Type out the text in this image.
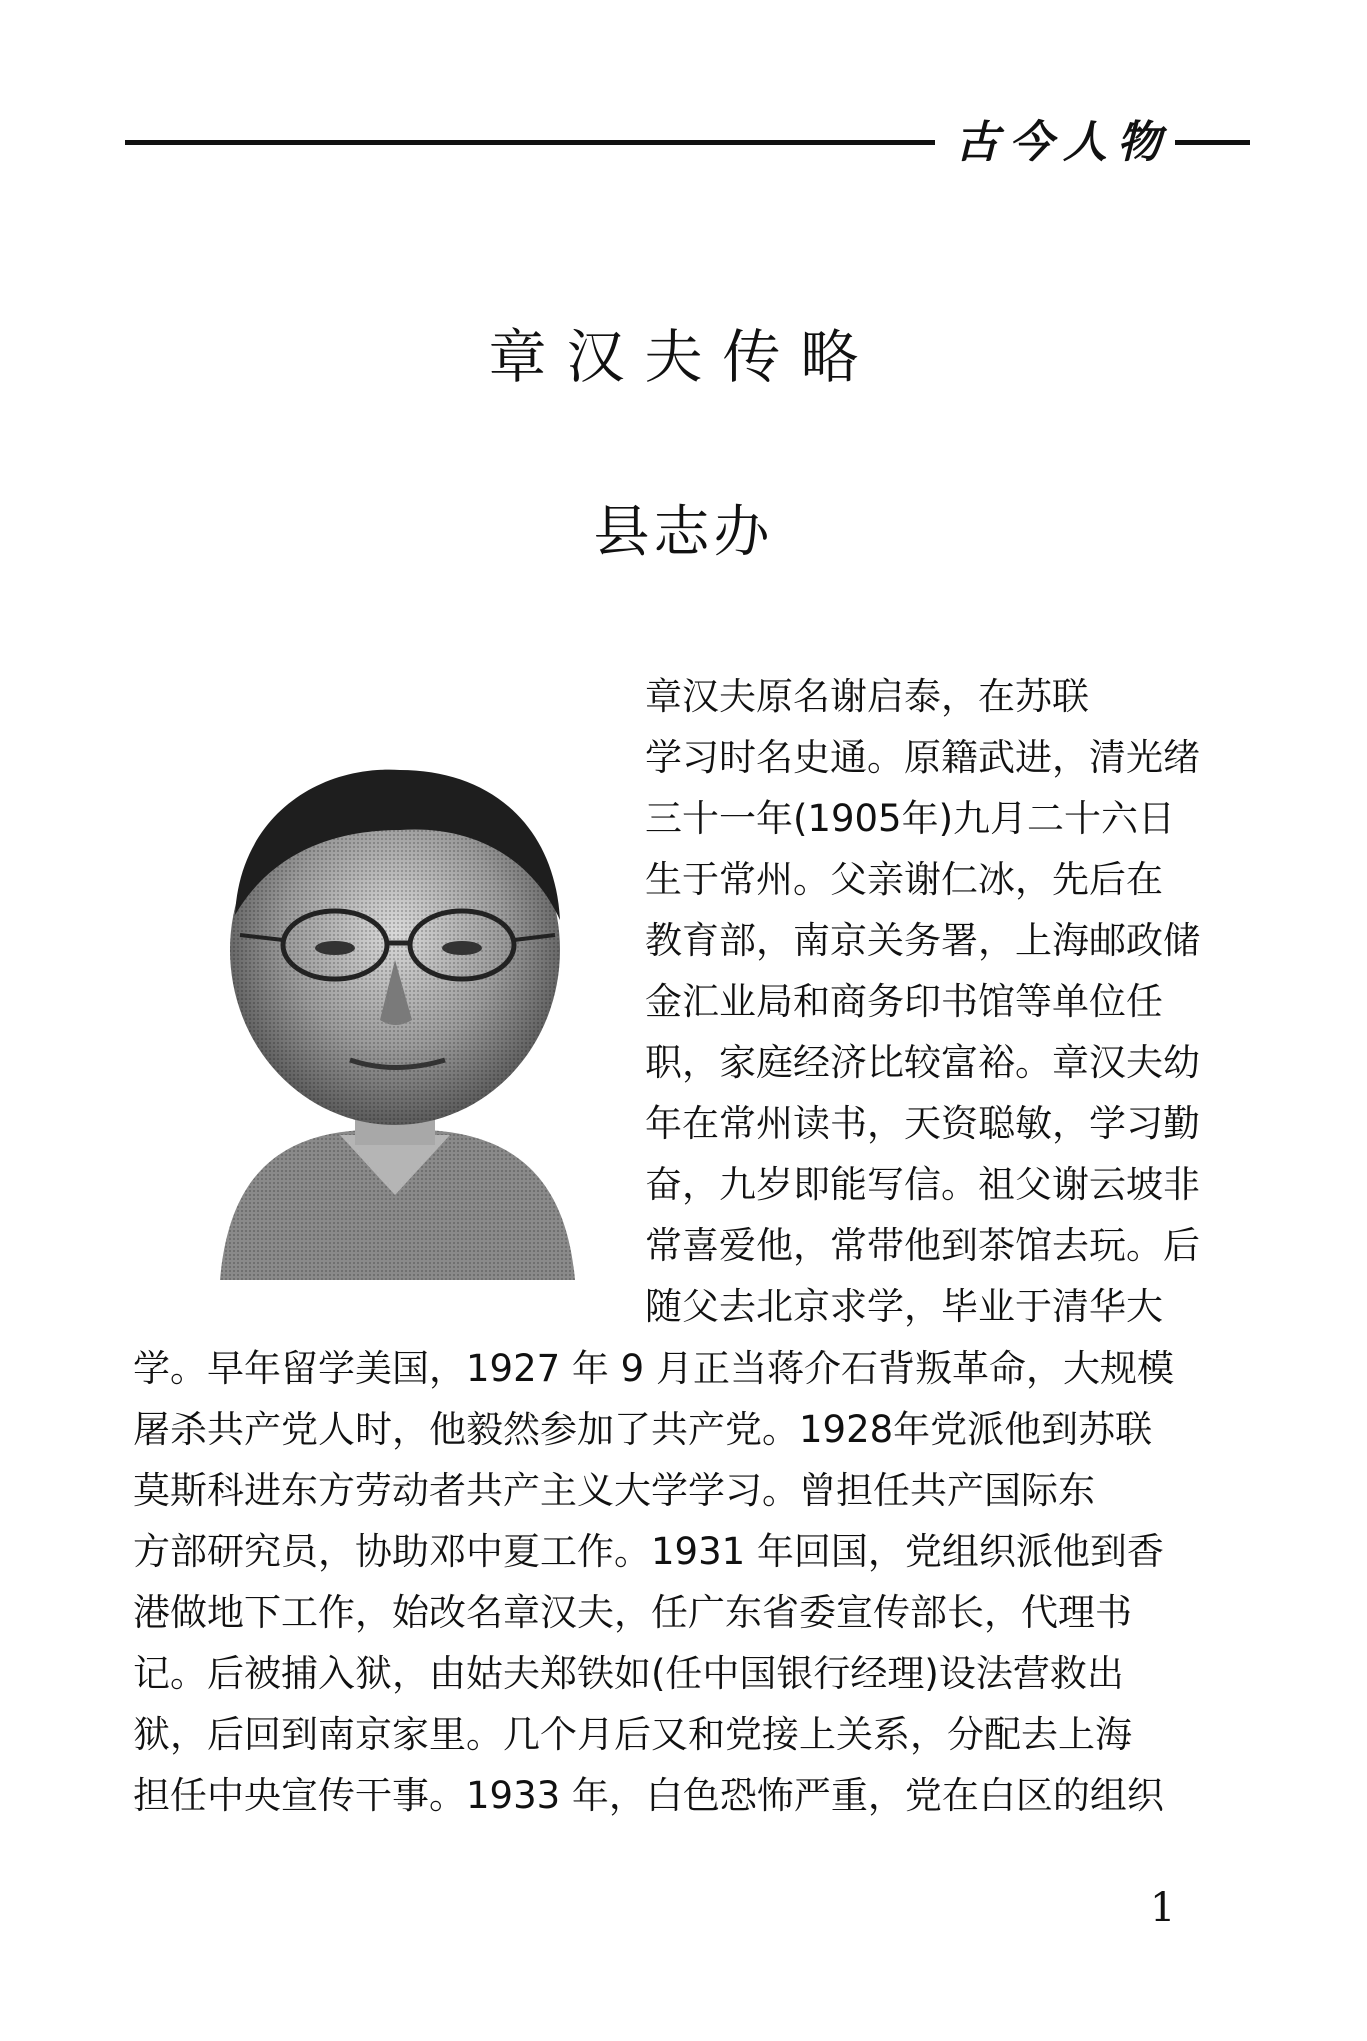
古今人物
章汉夫传略
县志办
章汉夫原名谢启泰，在苏联
学习时名史通。原籍武进，清光绪
三十一年(1905年)九月二十六日
生于常州。父亲谢仁冰，先后在
教育部，南京关务署，上海邮政储
金汇业局和商务印书馆等单位任
职，家庭经济比较富裕。章汉夫幼
年在常州读书，天资聪敏，学习勤
奋，九岁即能写信。祖父谢云坡非
常喜爱他，常带他到茶馆去玩。后
随父去北京求学，毕业于清华大
学。早年留学美国，1927 年 9 月正当蒋介石背叛革命，大规模
屠杀共产党人时，他毅然参加了共产党。1928年党派他到苏联
莫斯科进东方劳动者共产主义大学学习。曾担任共产国际东
方部研究员，协助邓中夏工作。1931 年回国，党组织派他到香
港做地下工作，始改名章汉夫，任广东省委宣传部长，代理书
记。后被捕入狱，由姑夫郑铁如(任中国银行经理)设法营救出
狱，后回到南京家里。几个月后又和党接上关系，分配去上海
担任中央宣传干事。1933 年，白色恐怖严重，党在白区的组织
1
